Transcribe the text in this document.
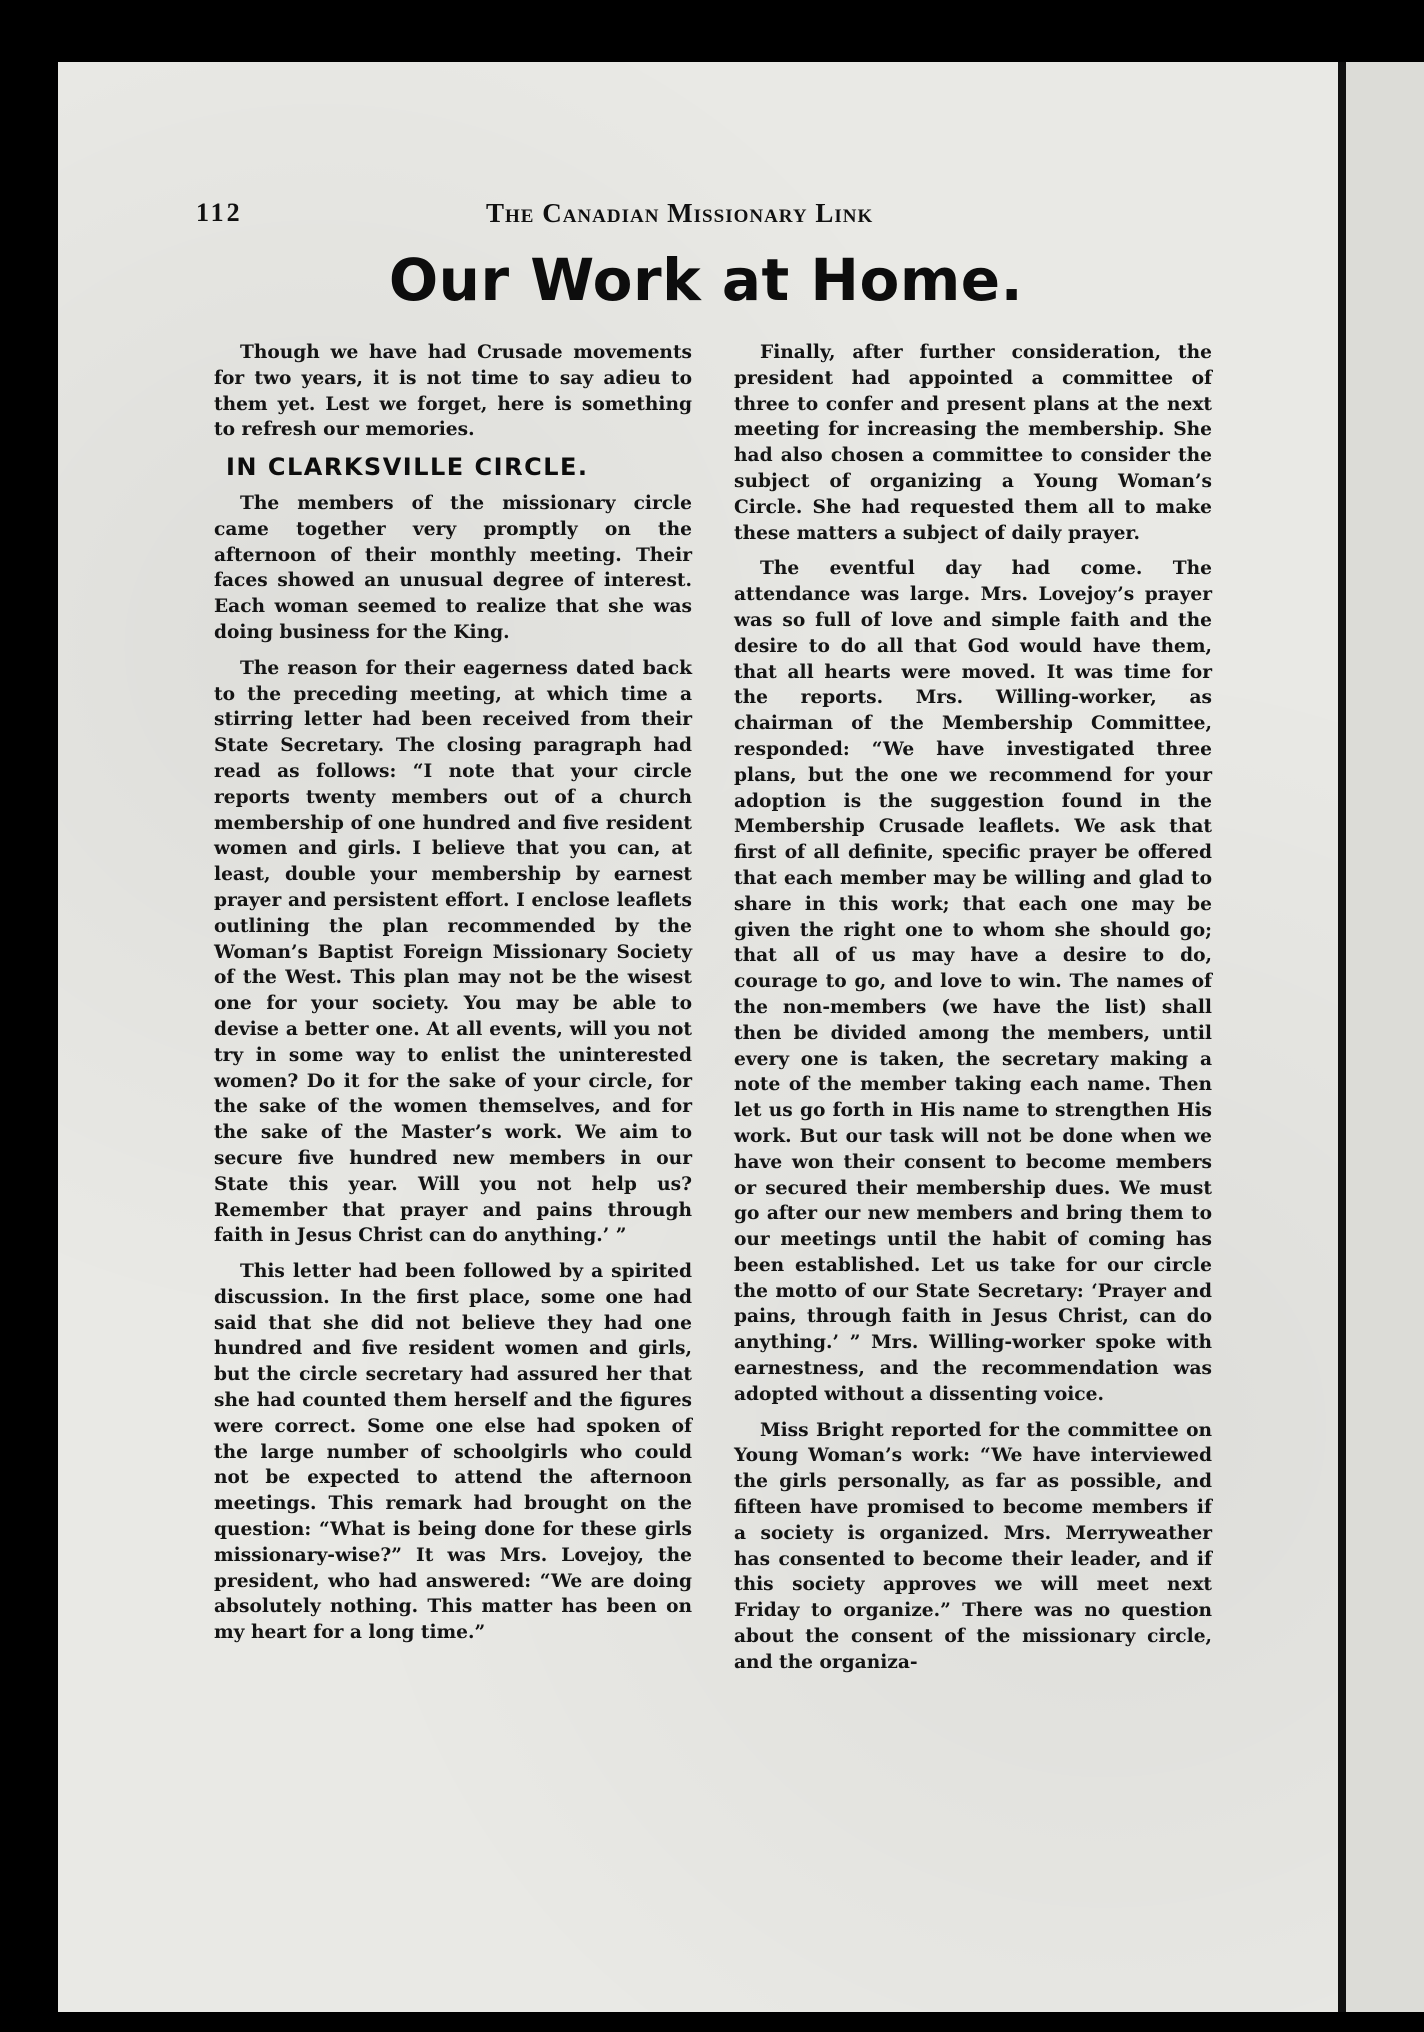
112	The Canadian Missionary Link
Our Work at Home.

Though we have had Crusade movements for two years, it is not time to say adieu to them yet. Lest we forget, here is something to refresh our memories.

IN CLARKSVILLE CIRCLE.

The members of the missionary circle came together very promptly on the afternoon of their monthly meeting. Their faces showed an unusual degree of interest. Each woman seemed to realize that she was doing business for the King.

The reason for their eagerness dated back to the preceding meeting, at which time a stirring letter had been received from their State Secretary. The closing paragraph had read as follows: “I note that your circle reports twenty members out of a church membership of one hundred and five resident women and girls. I believe that you can, at least, double your membership by earnest prayer and persistent effort. I enclose leaflets outlining the plan recommended by the Woman’s Baptist Foreign Missionary Society of the West. This plan may not be the wisest one for your society. You may be able to devise a better one. At all events, will you not try in some way to enlist the uninterested women? Do it for the sake of your circle, for the sake of the women themselves, and for the sake of the Master’s work. We aim to secure five hundred new members in our State this year. Will you not help us? Remember that prayer and pains through faith in Jesus Christ can do anything.’ ”

This letter had been followed by a spirited discussion. In the first place, some one had said that she did not believe they had one hundred and five resident women and girls, but the circle secretary had assured her that she had counted them herself and the figures were correct. Some one else had spoken of the large number of schoolgirls who could not be expected to attend the afternoon meetings. This remark had brought on the question: “What is being done for these girls missionary-wise?” It was Mrs. Lovejoy, the president, who had answered: “We are doing absolutely nothing. This matter has been on my heart for a long time.”

Finally, after further consideration, the president had appointed a committee of three to confer and present plans at the next meeting for increasing the membership. She had also chosen a committee to consider the subject of organizing a Young Woman’s Circle. She had requested them all to make these matters a subject of daily prayer.

The eventful day had come. The attendance was large. Mrs. Lovejoy’s prayer was so full of love and simple faith and the desire to do all that God would have them, that all hearts were moved. It was time for the reports. Mrs. Willing-worker, as chairman of the Membership Committee, responded: “We have investigated three plans, but the one we recommend for your adoption is the suggestion found in the Membership Crusade leaflets. We ask that first of all definite, specific prayer be offered that each member may be willing and glad to share in this work; that each one may be given the right one to whom she should go; that all of us may have a desire to do, courage to go, and love to win. The names of the non-members (we have the list) shall then be divided among the members, until every one is taken, the secretary making a note of the member taking each name. Then let us go forth in His name to strengthen His work. But our task will not be done when we have won their consent to become members or secured their membership dues. We must go after our new members and bring them to our meetings until the habit of coming has been established. Let us take for our circle the motto of our State Secretary: ‘Prayer and pains, through faith in Jesus Christ, can do anything.’ ” Mrs. Willing-worker spoke with earnestness, and the recommendation was adopted without a dissenting voice.

Miss Bright reported for the committee on Young Woman’s work: “We have interviewed the girls personally, as far as possible, and fifteen have promised to become members if a society is organized. Mrs. Merryweather has consented to become their leader, and if this society approves we will meet next Friday to organize.” There was no question about the consent of the missionary circle, and the organiza-
